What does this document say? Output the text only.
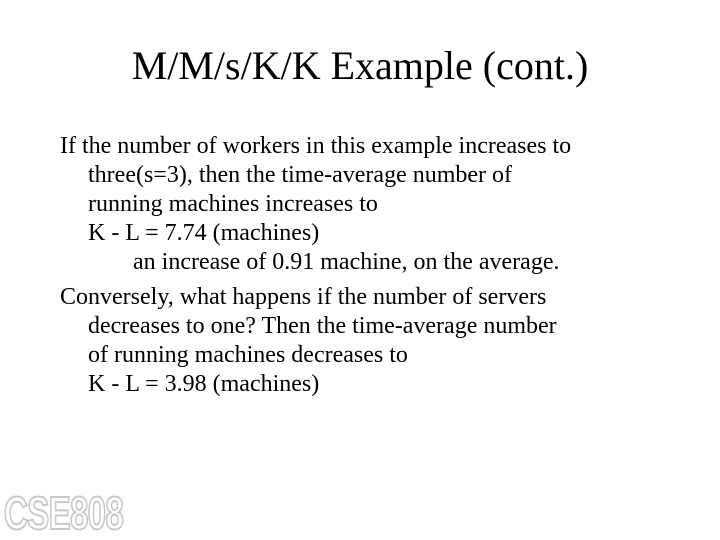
M/M/s/K/K Example (cont.)
If the number of workers in this example increases to
three(s=3), then the time-average number of
running machines increases to
K - L = 7.74 (machines)
an increase of 0.91 machine, on the average.
Conversely, what happens if the number of servers
decreases to one? Then the time-average number
of running machines decreases to
K - L = 3.98 (machines)
CSE808
